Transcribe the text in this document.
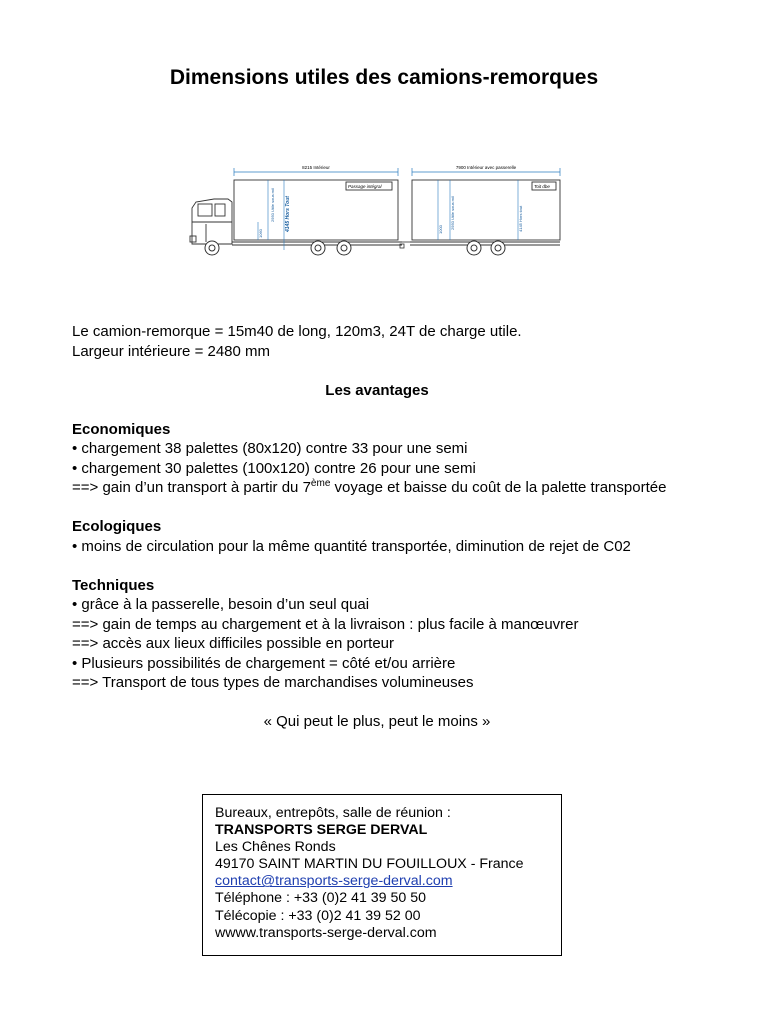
Dimensions utiles des camions-remorques
8215 Intérieur	7900 Intérieur avec passerelle
Passage intégral
4145 Hors Tout
2950 Utile sous mil
1060
Toit dbe
2950 Utile sous mil	4145 Hors tout
1000

Le camion-remorque = 15m40 de long, 120m3, 24T de charge utile.

Largeur intérieure = 2480 mm

Les avantages

Economiques

• chargement 38 palettes (80x120) contre 33 pour une semi

• chargement 30 palettes (100x120) contre 26 pour une semi

==> gain d’un transport à partir du 7ème voyage et baisse du coût de la palette transportée

Ecologiques

• moins de circulation pour la même quantité transportée, diminution de rejet de C02

Techniques

• grâce à la passerelle, besoin d’un seul quai

==> gain de temps au chargement et à la livraison : plus facile à manœuvrer

==> accès aux lieux difficiles possible en porteur

• Plusieurs possibilités de chargement = côté et/ou arrière

==> Transport de tous types de marchandises volumineuses

« Qui peut le plus, peut le moins »

Bureaux, entrepôts, salle de réunion :

TRANSPORTS SERGE DERVAL

Les Chênes Ronds

49170 SAINT MARTIN DU FOUILLOUX - France

contact@transports-serge-derval.com

Téléphone : +33 (0)2 41 39 50 50

Télécopie : +33 (0)2 41 39 52 00

wwww.transports-serge-derval.com
